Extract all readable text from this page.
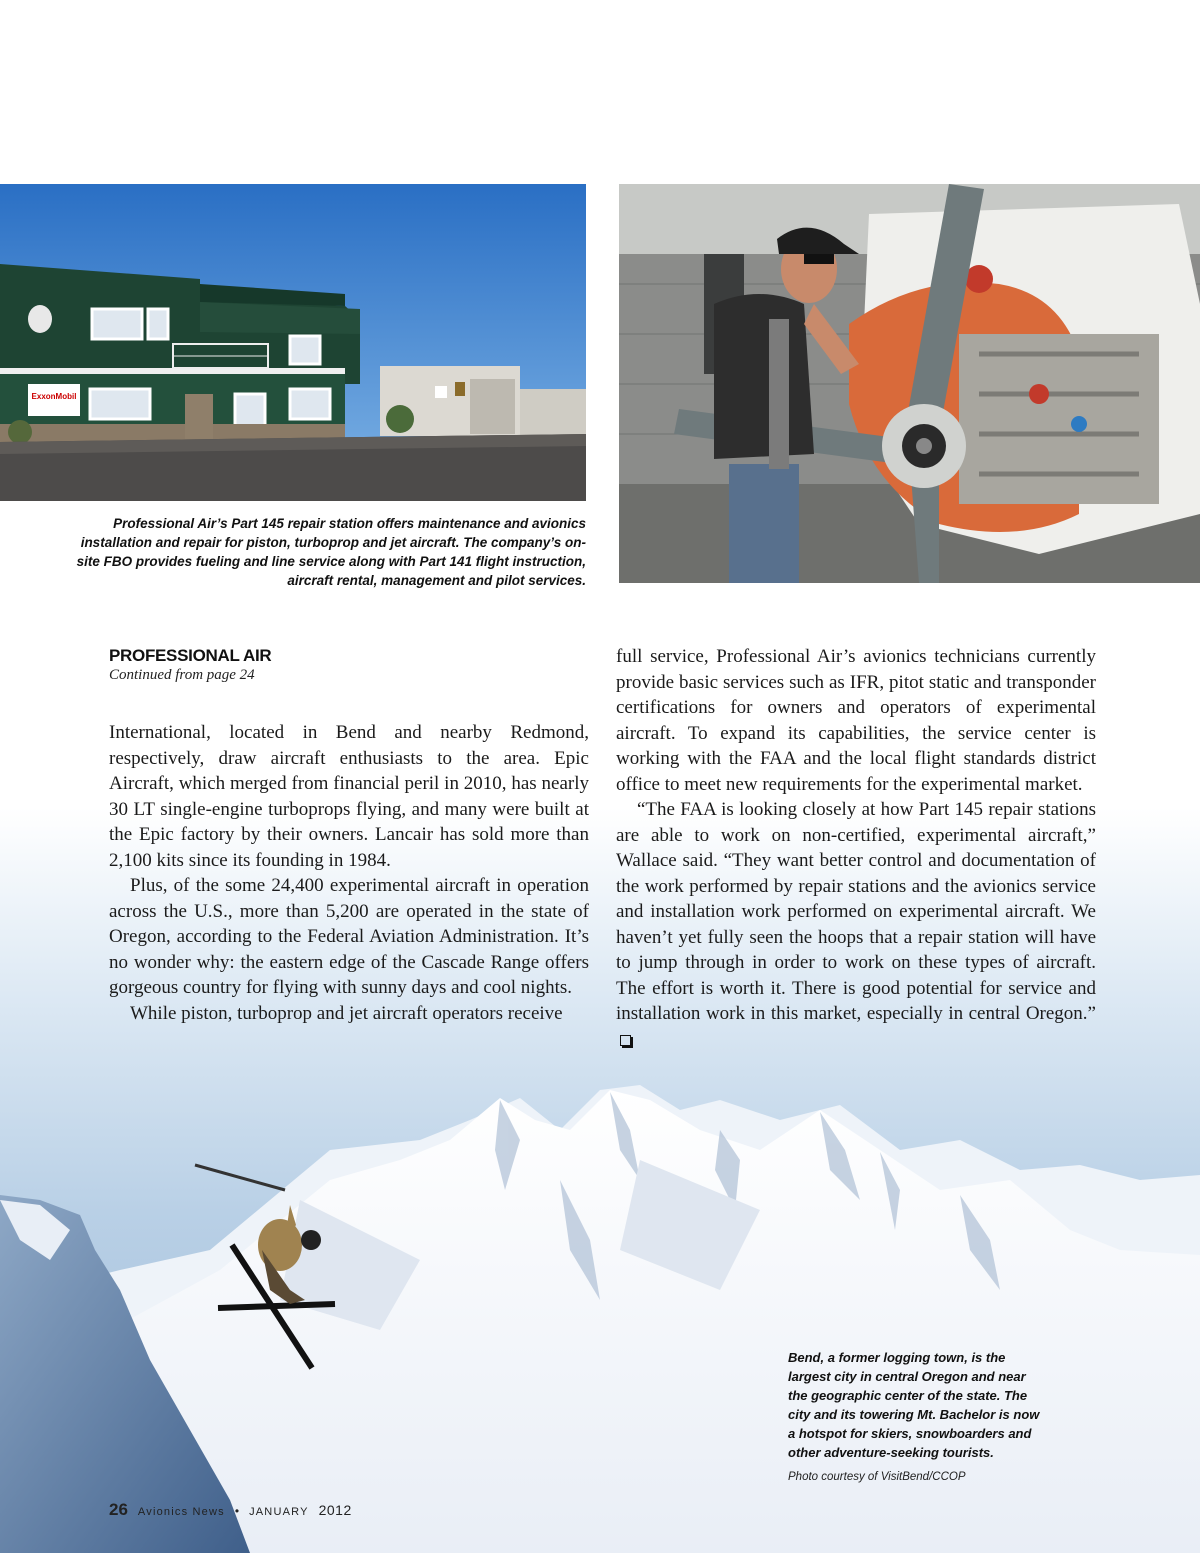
ExxonMobil
Professional Air’s Part 145 repair station offers maintenance and avionics installation and repair for piston, turboprop and jet aircraft. The company’s on-site FBO provides fueling and line service along with Part 141 flight instruction, aircraft rental, management and pilot services.
PROFESSIONAL AIR
Continued from page 24

International, located in Bend and nearby Redmond, respectively, draw aircraft enthusiasts to the area. Epic Aircraft, which merged from financial peril in 2010, has nearly 30 LT single-engine turboprops flying, and many were built at the Epic factory by their owners. Lancair has sold more than 2,100 kits since its founding in 1984.

Plus, of the some 24,400 experimental aircraft in operation across the U.S., more than 5,200 are operated in the state of Oregon, according to the Federal Aviation Administration. It’s no wonder why: the eastern edge of the Cascade Range offers gorgeous country for flying with sunny days and cool nights.

While piston, turboprop and jet aircraft operators receive

full service, Professional Air’s avionics technicians currently provide basic services such as IFR, pitot static and transponder certifications for owners and operators of experimental aircraft. To expand its capabilities, the service center is working with the FAA and the local flight standards district office to meet new requirements for the experimental market.

“The FAA is looking closely at how Part 145 repair stations are able to work on non-certified, experimental aircraft,” Wallace said. “They want better control and documentation of the work performed by repair stations and the avionics service and installation work performed on experimental aircraft. We haven’t yet fully seen the hoops that a repair station will have to jump through in order to work on these types of aircraft. The effort is worth it. There is good potential for service and installation work in this market, especially in central Oregon.”

Bend, a former logging town, is the largest city in central Oregon and near the geographic center of the state. The city and its towering Mt. Bachelor is now a hotspot for skiers, snowboarders and other adventure-seeking tourists.
Photo courtesy of VisitBend/CCOP
26 Avionics News • JANUARY 2012
